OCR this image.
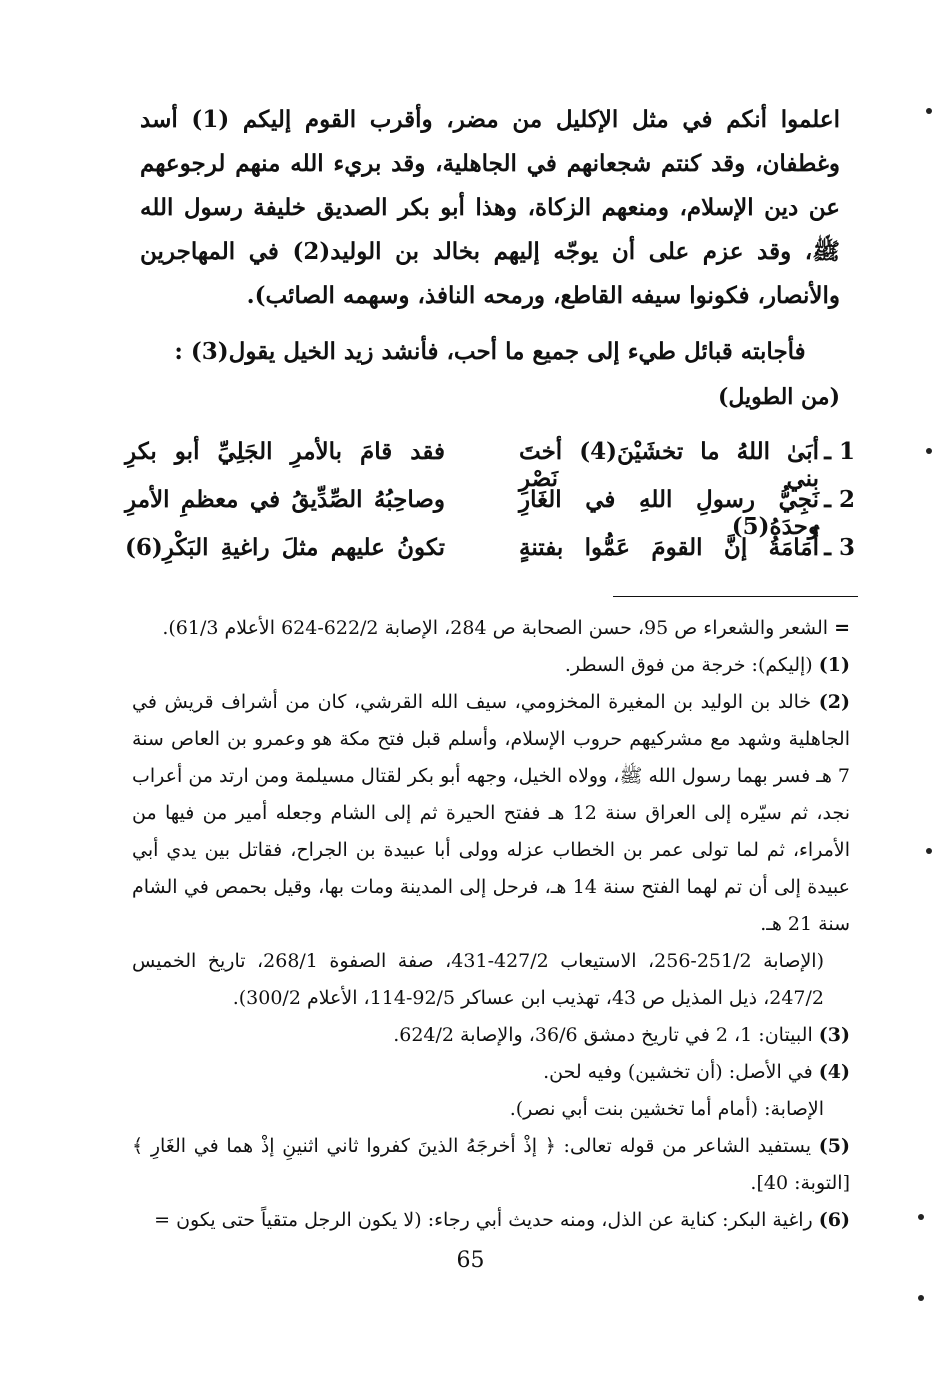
اعلموا أنكم في مثل الإكليل من مضر، وأقرب القوم إليكم (1) أسد وغطفان، وقد كنتم شجعانهم في الجاهلية، وقد بريء الله منهم لرجوعهم عن دين الإسلام، ومنعهم الزكاة، وهذا أبو بكر الصديق خليفة رسول الله ﷺ، وقد عزم على أن يوجّه إليهم بخالد بن الوليد(2) في المهاجرين والأنصار، فكونوا سيفه القاطع، ورمحه النافذ، وسهمه الصائب).

فأجابته قبائل طيء إلى جميع ما أحب، فأنشد زيد الخيل يقول(3) :
(من الطويل)
1 ـ
أبَىٰ اللهُ ما تخشَيْنَ(4) أختَ بني نَصْرِ
فقد قامَ بالأمرِ الجَلِيِّ أبو بكرِ
2 ـ
نَجِيُّ رسولِ اللهِ في الغَارِ وحدَهُ(5)
وصاحِبُهُ الصِّدِّيقُ في معظمِ الأمرِ
3 ـ
أُمَامَةُ إنَّ القومَ عَمُّوا بفتنةٍ
تكونُ عليهم مثلَ راغيةِ البَكْرِ(6)

= الشعر والشعراء ص 95، حسن الصحابة ص 284، الإصابة 622/2-624 الأعلام 61/3).

(1) (إليكم): خرجة من فوق السطر.

(2) خالد بن الوليد بن المغيرة المخزومي، سيف الله القرشي، كان من أشراف قريش في الجاهلية وشهد مع مشركيهم حروب الإسلام، وأسلم قبل فتح مكة هو وعمرو بن العاص سنة 7 هـ فسر بهما رسول الله ﷺ، وولاه الخيل، وجهه أبو بكر لقتال مسيلمة ومن ارتد من أعراب نجد، ثم سيّره إلى العراق سنة 12 هـ ففتح الحيرة ثم إلى الشام وجعله أمير من فيها من الأمراء، ثم لما تولى عمر بن الخطاب عزله وولى أبا عبيدة بن الجراح، فقاتل بين يدي أبي عبيدة إلى أن تم لهما الفتح سنة 14 هـ، فرحل إلى المدينة ومات بها، وقيل بحمص في الشام سنة 21 هـ.

(الإصابة 251/2-256، الاستيعاب 427/2-431، صفة الصفوة 268/1، تاريخ الخميس 247/2، ذيل المذيل ص 43، تهذيب ابن عساكر 92/5-114، الأعلام 300/2).

(3) البيتان: 1، 2 في تاريخ دمشق 36/6، والإصابة 624/2.

(4) في الأصل: (أن تخشين) وفيه لحن.

الإصابة: (أمام أما تخشين بنت أبي نصر).

(5) يستفيد الشاعر من قوله تعالى: ﴿ إذْ أخرجَهُ الذينَ كفروا ثاني اثنينِ إذْ هما في الغَارِ ﴾ [التوبة: 40].

(6) راغية البكر: كناية عن الذل، ومنه حديث أبي رجاء: (لا يكون الرجل متقياً حتى يكون =

65
